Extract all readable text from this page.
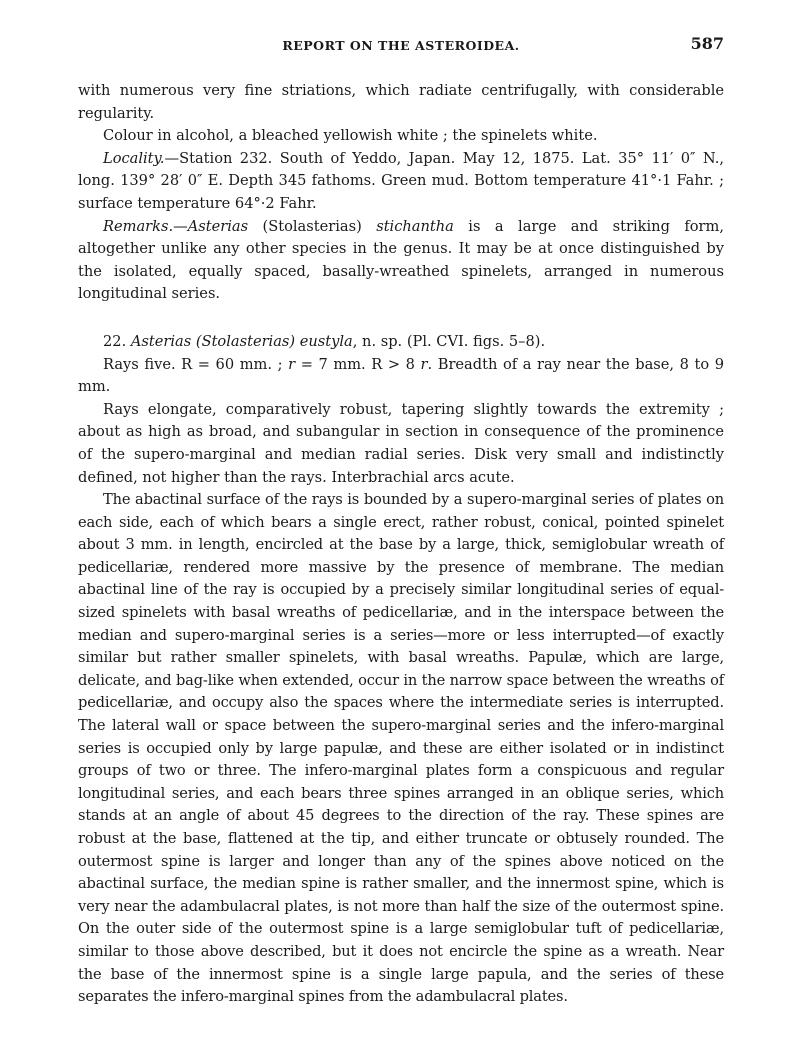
REPORT ON THE ASTEROIDEA.	587

with numerous very fine striations, which radiate centrifugally, with considerable regularity.

Colour in alcohol, a bleached yellowish white ; the spinelets white.

Locality.—Station 232. South of Yeddo, Japan. May 12, 1875. Lat. 35° 11′ 0″ N., long. 139° 28′ 0″ E. Depth 345 fathoms. Green mud. Bottom temperature 41°·1 Fahr. ; surface temperature 64°·2 Fahr.

Remarks.—Asterias (Stolasterias) stichantha is a large and striking form, altogether unlike any other species in the genus. It may be at once distinguished by the isolated, equally spaced, basally-wreathed spinelets, arranged in numerous longitudinal series.

22. Asterias (Stolasterias) eustyla, n. sp. (Pl. CVI. figs. 5–8).

Rays five. R = 60 mm. ; r = 7 mm. R > 8 r. Breadth of a ray near the base, 8 to 9 mm.

Rays elongate, comparatively robust, tapering slightly towards the extremity ; about as high as broad, and subangular in section in consequence of the prominence of the supero-marginal and median radial series. Disk very small and indistinctly defined, not higher than the rays. Interbrachial arcs acute.

The abactinal surface of the rays is bounded by a supero-marginal series of plates on each side, each of which bears a single erect, rather robust, conical, pointed spinelet about 3 mm. in length, encircled at the base by a large, thick, semiglobular wreath of pedicellariæ, rendered more massive by the presence of membrane. The median abactinal line of the ray is occupied by a precisely similar longitudinal series of equal-sized spinelets with basal wreaths of pedicellariæ, and in the interspace between the median and supero-marginal series is a series—more or less interrupted—of exactly similar but rather smaller spinelets, with basal wreaths. Papulæ, which are large, delicate, and bag-like when extended, occur in the narrow space between the wreaths of pedicellariæ, and occupy also the spaces where the intermediate series is interrupted. The lateral wall or space between the supero-marginal series and the infero-marginal series is occupied only by large papulæ, and these are either isolated or in indistinct groups of two or three. The infero-marginal plates form a conspicuous and regular longitudinal series, and each bears three spines arranged in an oblique series, which stands at an angle of about 45 degrees to the direction of the ray. These spines are robust at the base, flattened at the tip, and either truncate or obtusely rounded. The outermost spine is larger and longer than any of the spines above noticed on the abactinal surface, the median spine is rather smaller, and the innermost spine, which is very near the adambulacral plates, is not more than half the size of the outermost spine. On the outer side of the outermost spine is a large semiglobular tuft of pedicellariæ, similar to those above described, but it does not encircle the spine as a wreath. Near the base of the innermost spine is a single large papula, and the series of these separates the infero-marginal spines from the adambulacral plates.
